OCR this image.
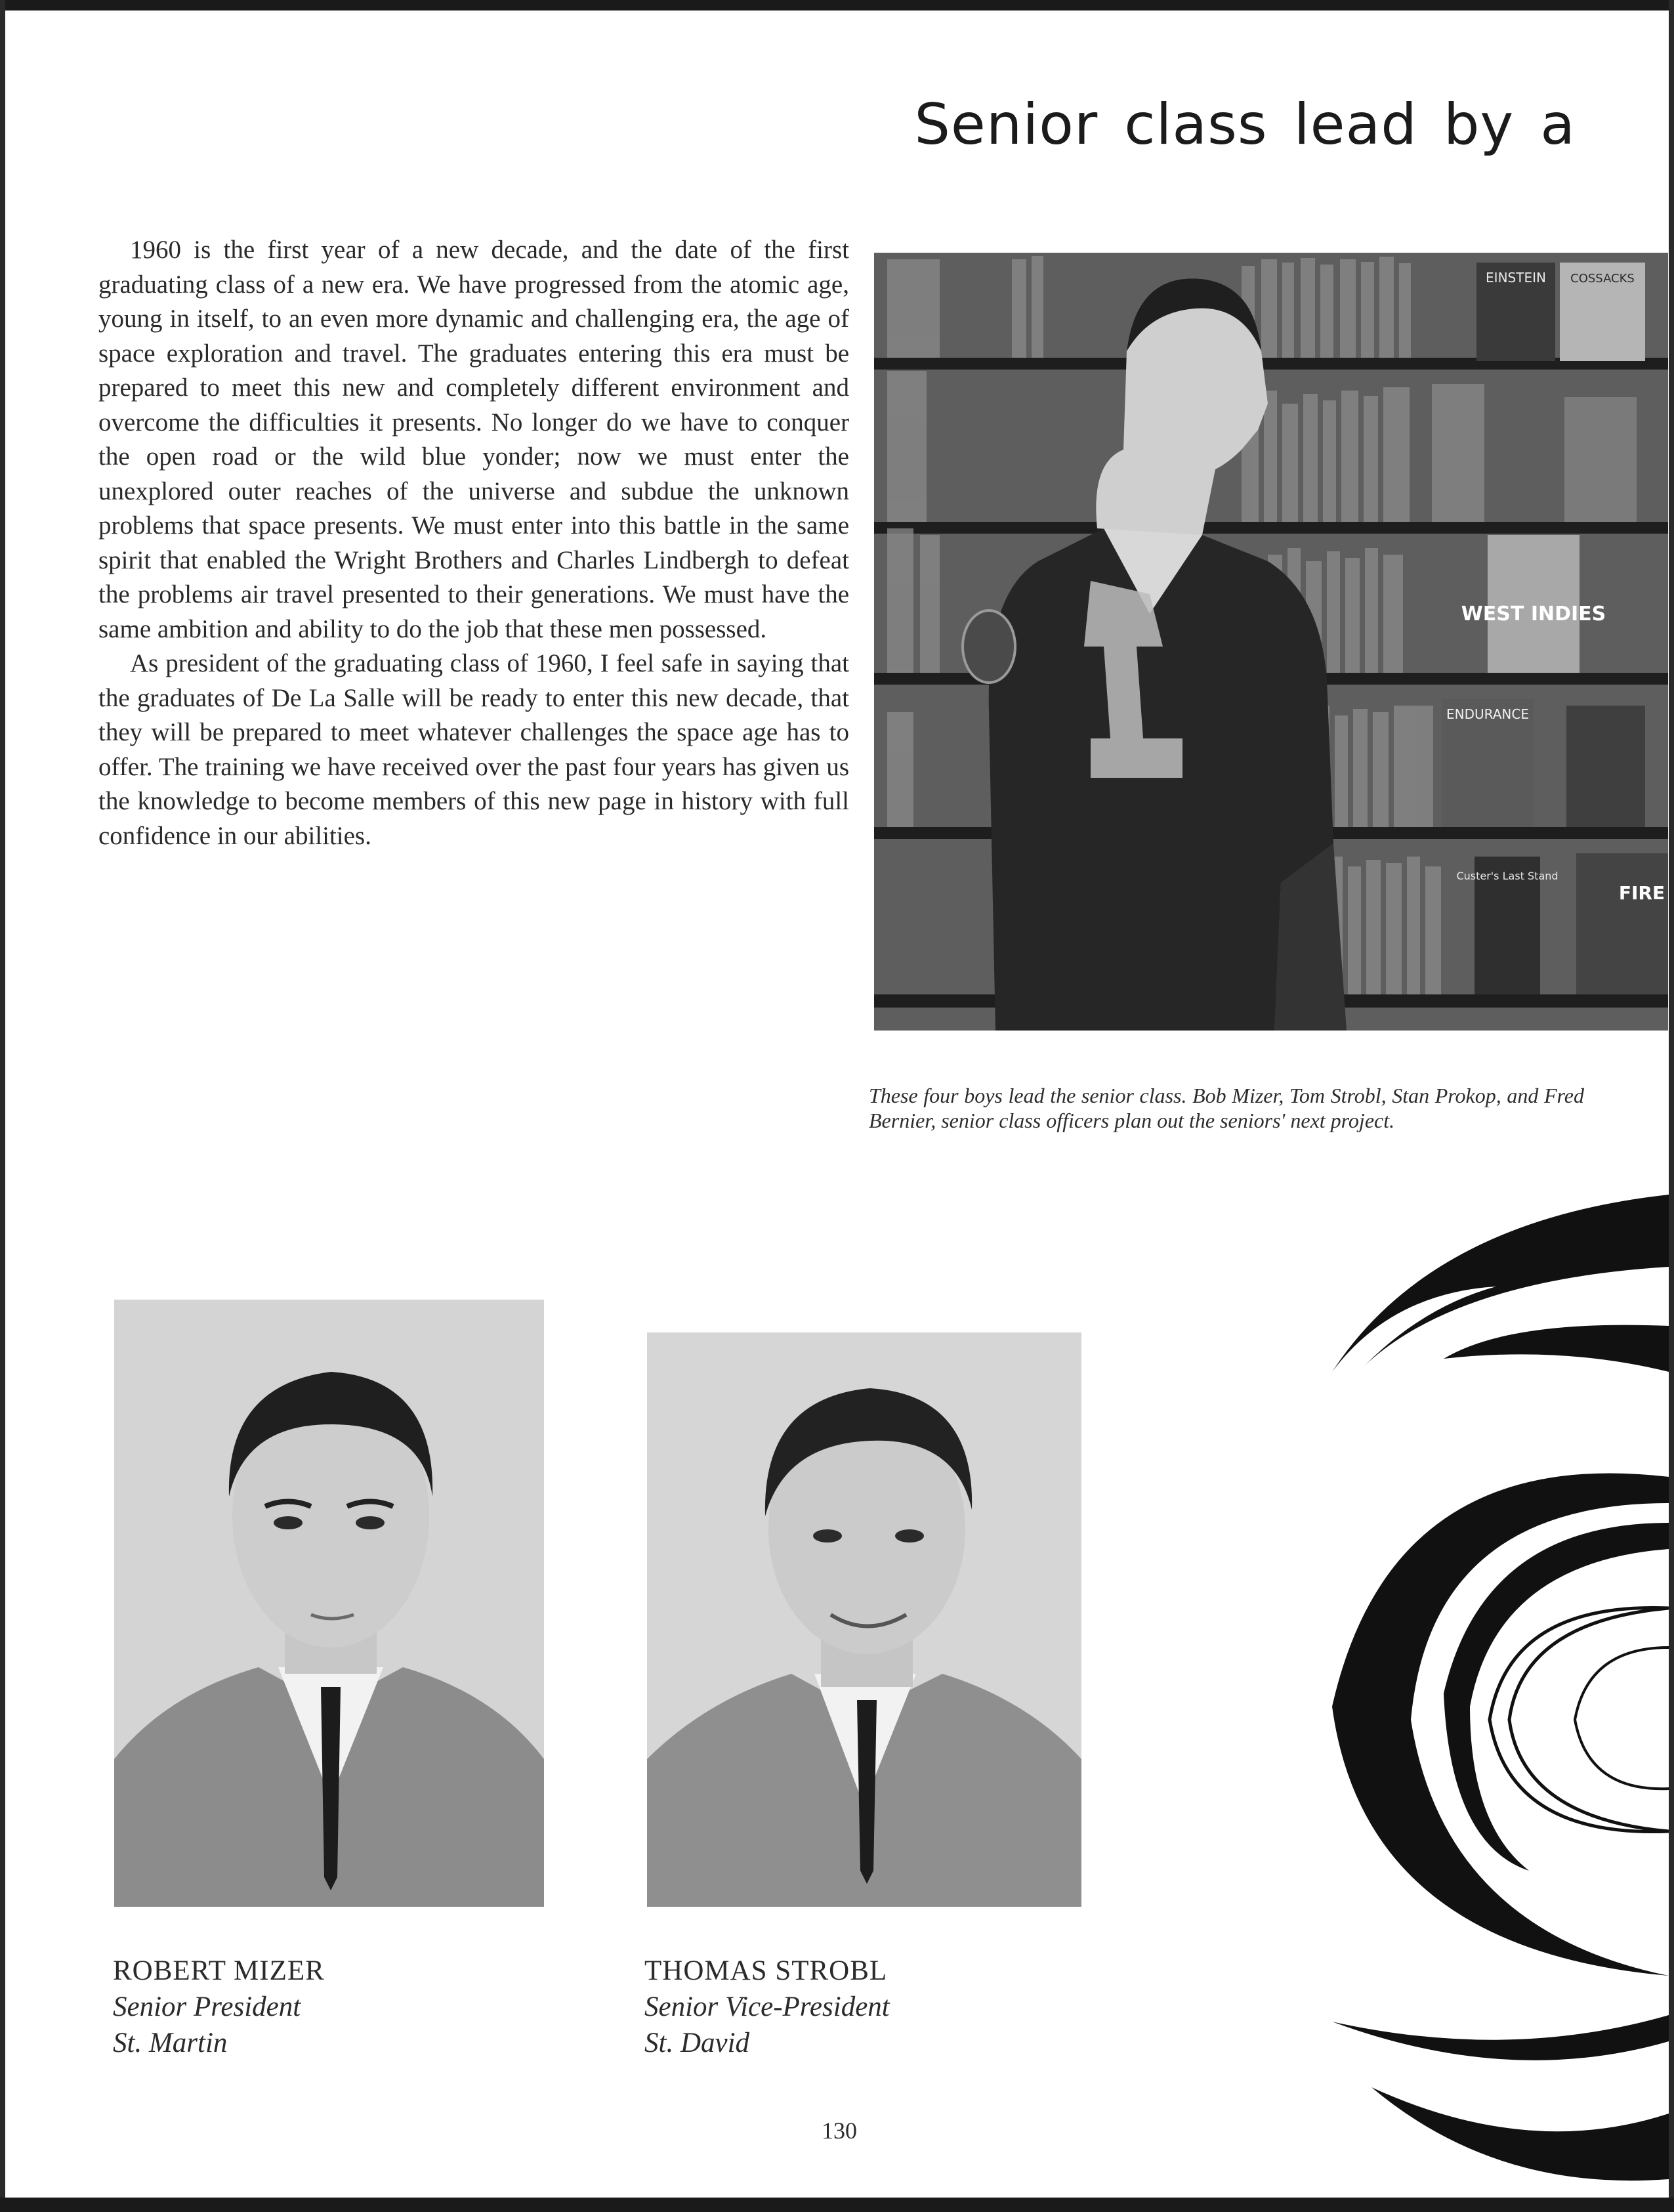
Senior class lead by a

1960 is the first year of a new decade, and the date of the first graduating class of a new era. We have progressed from the atomic age, young in itself, to an even more dynamic and challenging era, the age of space exploration and travel. The graduates entering this era must be prepared to meet this new and completely different environment and overcome the difficulties it presents. No longer do we have to conquer the open road or the wild blue yonder; now we must enter the unexplored outer reaches of the universe and subdue the unknown problems that space presents. We must enter into this battle in the same spirit that enabled the Wright Brothers and Charles Lindbergh to defeat the problems air travel presented to their generations. We must have the same ambition and ability to do the job that these men possessed.

As president of the graduating class of 1960, I feel safe in saying that the graduates of De La Salle will be ready to enter this new decade, that they will be prepared to meet whatever challenges the space age has to offer. The training we have received over the past four years has given us the knowledge to become members of this new page in history with full confidence in our abilities.

EINSTEIN COSSACKS
WEST INDIES
ENDURANCE
Custer's Last Stand
FIRE

These four boys lead the senior class. Bob Mizer, Tom Strobl, Stan Prokop, and Fred Bernier, senior class officers plan out the seniors' next project.

ROBERT MIZER
Senior President
St. Martin
THOMAS STROBL
Senior Vice-President
St. David
130
